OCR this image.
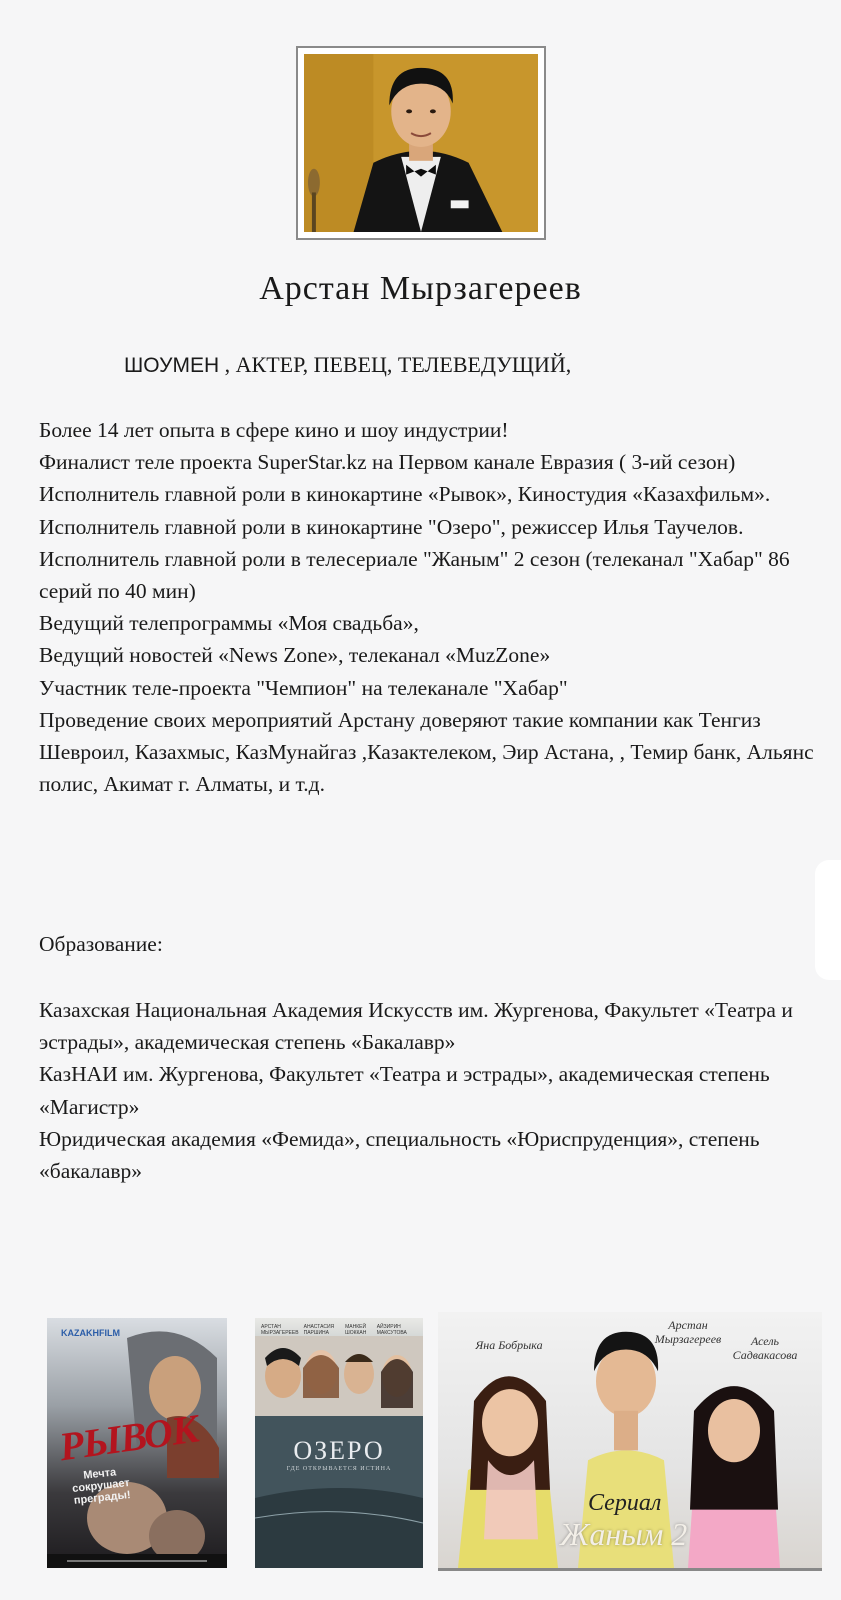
Арстан Мырзагереев
ШОУМЕН , АКТЕР, ПЕВЕЦ, ТЕЛЕВЕДУЩИЙ,

Более 14 лет опыта в сфере кино и шоу индустрии!

Финалист теле проекта SuperStar.kz на Первом канале Евразия ( 3-ий сезон)

Исполнитель главной роли в кинокартине «Рывок», Киностудия «Казахфильм».

Исполнитель главной роли в кинокартине "Озеро", режиссер Илья Таучелов.

Исполнитель главной роли в телесериале "Жаным" 2 сезон (телеканал "Хабар" 86 серий по 40 мин)

Ведущий телепрограммы «Моя свадьба»,

Ведущий новостей «News Zone», телеканал «MuzZone»

Участник теле-проекта "Чемпион" на телеканале "Хабар"

Проведение своих мероприятий Арстану доверяют такие компании как Тенгиз Шевроил, Казахмыс, КазМунайгаз ,Казактелеком, Эир Астана, , Темир банк, Альянс полис, Акимат г. Алматы, и т.д.

Образование:

Казахская Национальная Академия Искусств им. Жургенова, Факультет «Театра и эстрады», академическая степень «Бакалавр»

КазНАИ им. Жургенова, Факультет «Театра и эстрады», академическая степень «Магистр»

Юридическая академия «Фемида», специальность «Юриспруденция», степень «бакалавр»

KAZAKHFILM
РЫВОК
Мечта сокрушает преграды!
АРСТАН МЫРЗАГЕРЕЕВ
АНАСТАСИЯ ПАРШИНА
МАНКЕЙ ШОККАН
АЙЗИРИН МАКСУТОВА
ОЗЕРО
ГДЕ ОТКРЫВАЕТСЯ ИСТИНА
Яна Бобрыка
Арстан Мырзагереев	Асель Садвакасова
Сериал
Жаным 2
